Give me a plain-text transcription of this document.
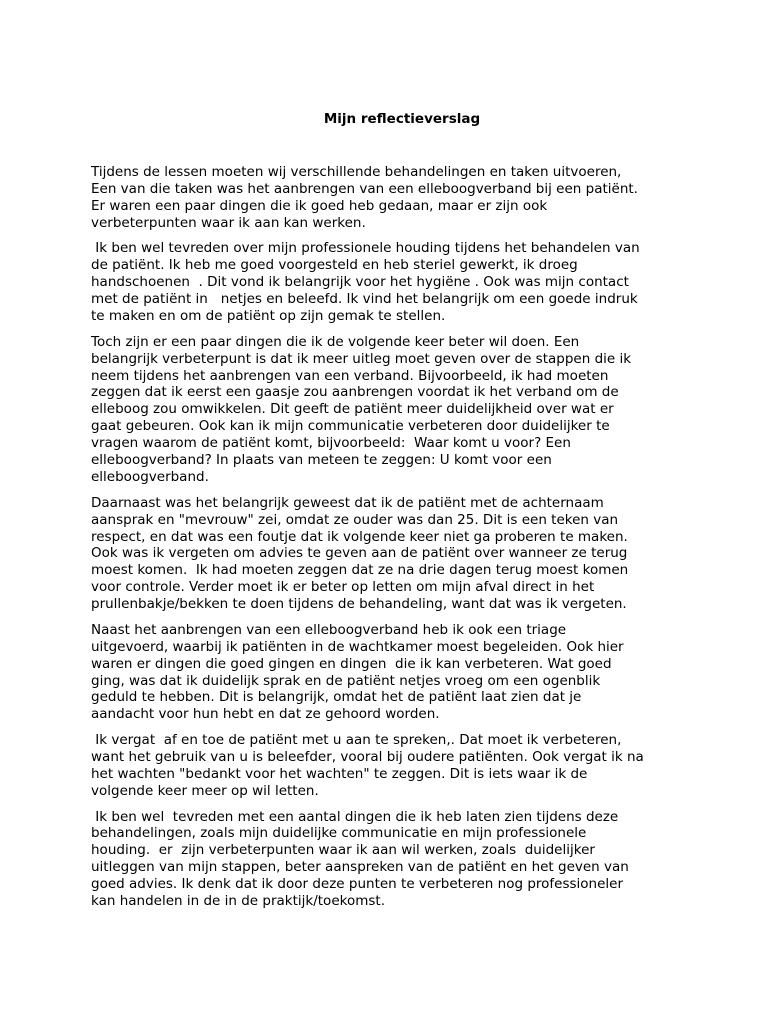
Mijn reflectieverslag

Tijdens de lessen moeten wij verschillende behandelingen en taken uitvoeren,
Een van die taken was het aanbrengen van een elleboogverband bij een patiënt.
Er waren een paar dingen die ik goed heb gedaan, maar er zijn ook
verbeterpunten waar ik aan kan werken.

Ik ben wel tevreden over mijn professionele houding tijdens het behandelen van
de patiënt. Ik heb me goed voorgesteld en heb steriel gewerkt, ik droeg
handschoenen  . Dit vond ik belangrijk voor het hygiëne . Ook was mijn contact
met de patiënt in   netjes en beleefd. Ik vind het belangrijk om een goede indruk
te maken en om de patiënt op zijn gemak te stellen.

Toch zijn er een paar dingen die ik de volgende keer beter wil doen. Een
belangrijk verbeterpunt is dat ik meer uitleg moet geven over de stappen die ik
neem tijdens het aanbrengen van een verband. Bijvoorbeeld, ik had moeten
zeggen dat ik eerst een gaasje zou aanbrengen voordat ik het verband om de
elleboog zou omwikkelen. Dit geeft de patiënt meer duidelijkheid over wat er
gaat gebeuren. Ook kan ik mijn communicatie verbeteren door duidelijker te
vragen waarom de patiënt komt, bijvoorbeeld:  Waar komt u voor? Een
elleboogverband? In plaats van meteen te zeggen: U komt voor een
elleboogverband.

Daarnaast was het belangrijk geweest dat ik de patiënt met de achternaam
aansprak en "mevrouw" zei, omdat ze ouder was dan 25. Dit is een teken van
respect, en dat was een foutje dat ik volgende keer niet ga proberen te maken.
Ook was ik vergeten om advies te geven aan de patiënt over wanneer ze terug
moest komen.  Ik had moeten zeggen dat ze na drie dagen terug moest komen
voor controle. Verder moet ik er beter op letten om mijn afval direct in het
prullenbakje/bekken te doen tijdens de behandeling, want dat was ik vergeten.

Naast het aanbrengen van een elleboogverband heb ik ook een triage
uitgevoerd, waarbij ik patiënten in de wachtkamer moest begeleiden. Ook hier
waren er dingen die goed gingen en dingen  die ik kan verbeteren. Wat goed
ging, was dat ik duidelijk sprak en de patiënt netjes vroeg om een ogenblik
geduld te hebben. Dit is belangrijk, omdat het de patiënt laat zien dat je
aandacht voor hun hebt en dat ze gehoord worden.

Ik vergat  af en toe de patiënt met u aan te spreken,. Dat moet ik verbeteren,
want het gebruik van u is beleefder, vooral bij oudere patiënten. Ook vergat ik na
het wachten "bedankt voor het wachten" te zeggen. Dit is iets waar ik de
volgende keer meer op wil letten.

Ik ben wel  tevreden met een aantal dingen die ik heb laten zien tijdens deze
behandelingen, zoals mijn duidelijke communicatie en mijn professionele
houding.  er  zijn verbeterpunten waar ik aan wil werken, zoals  duidelijker
uitleggen van mijn stappen, beter aanspreken van de patiënt en het geven van
goed advies. Ik denk dat ik door deze punten te verbeteren nog professioneler
kan handelen in de in de praktijk/toekomst.
